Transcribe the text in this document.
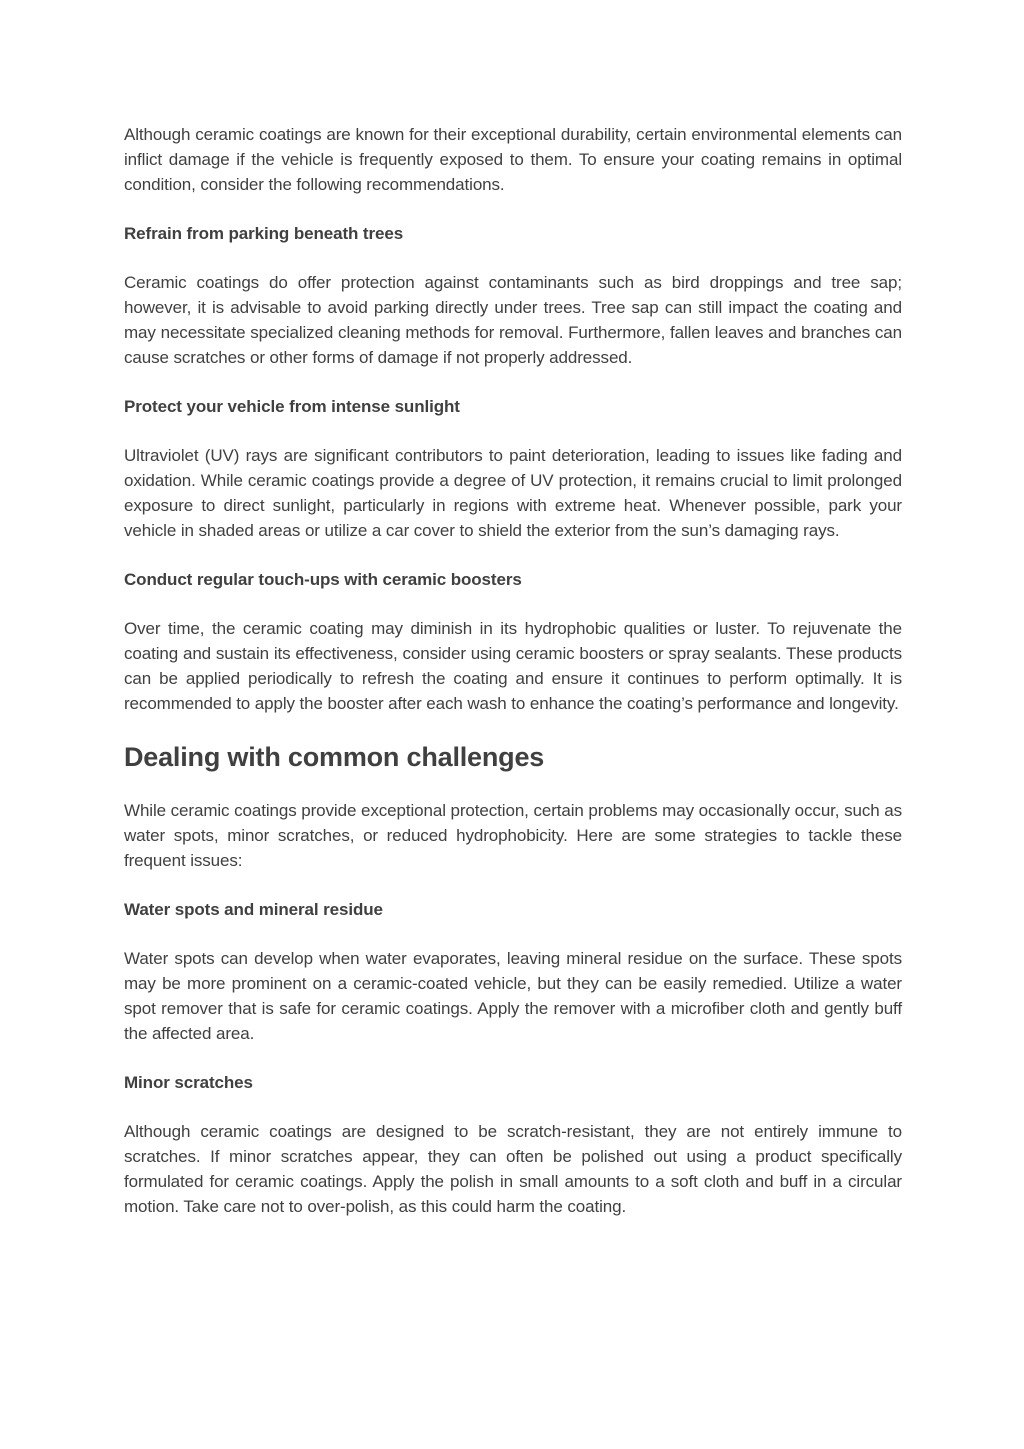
Although ceramic coatings are known for their exceptional durability, certain environmental elements can inflict damage if the vehicle is frequently exposed to them. To ensure your coating remains in optimal condition, consider the following recommendations.

Refrain from parking beneath trees

Ceramic coatings do offer protection against contaminants such as bird droppings and tree sap; however, it is advisable to avoid parking directly under trees. Tree sap can still impact the coating and may necessitate specialized cleaning methods for removal. Furthermore, fallen leaves and branches can cause scratches or other forms of damage if not properly addressed.

Protect your vehicle from intense sunlight

Ultraviolet (UV) rays are significant contributors to paint deterioration, leading to issues like fading and oxidation. While ceramic coatings provide a degree of UV protection, it remains crucial to limit prolonged exposure to direct sunlight, particularly in regions with extreme heat. Whenever possible, park your vehicle in shaded areas or utilize a car cover to shield the exterior from the sun’s damaging rays.

Conduct regular touch-ups with ceramic boosters

Over time, the ceramic coating may diminish in its hydrophobic qualities or luster. To rejuvenate the coating and sustain its effectiveness, consider using ceramic boosters or spray sealants. These products can be applied periodically to refresh the coating and ensure it continues to perform optimally. It is recommended to apply the booster after each wash to enhance the coating’s performance and longevity.

Dealing with common challenges

While ceramic coatings provide exceptional protection, certain problems may occasionally occur, such as water spots, minor scratches, or reduced hydrophobicity. Here are some strategies to tackle these frequent issues:

Water spots and mineral residue

Water spots can develop when water evaporates, leaving mineral residue on the surface. These spots may be more prominent on a ceramic-coated vehicle, but they can be easily remedied. Utilize a water spot remover that is safe for ceramic coatings. Apply the remover with a microfiber cloth and gently buff the affected area.

Minor scratches

Although ceramic coatings are designed to be scratch-resistant, they are not entirely immune to scratches. If minor scratches appear, they can often be polished out using a product specifically formulated for ceramic coatings. Apply the polish in small amounts to a soft cloth and buff in a circular motion. Take care not to over-polish, as this could harm the coating.
